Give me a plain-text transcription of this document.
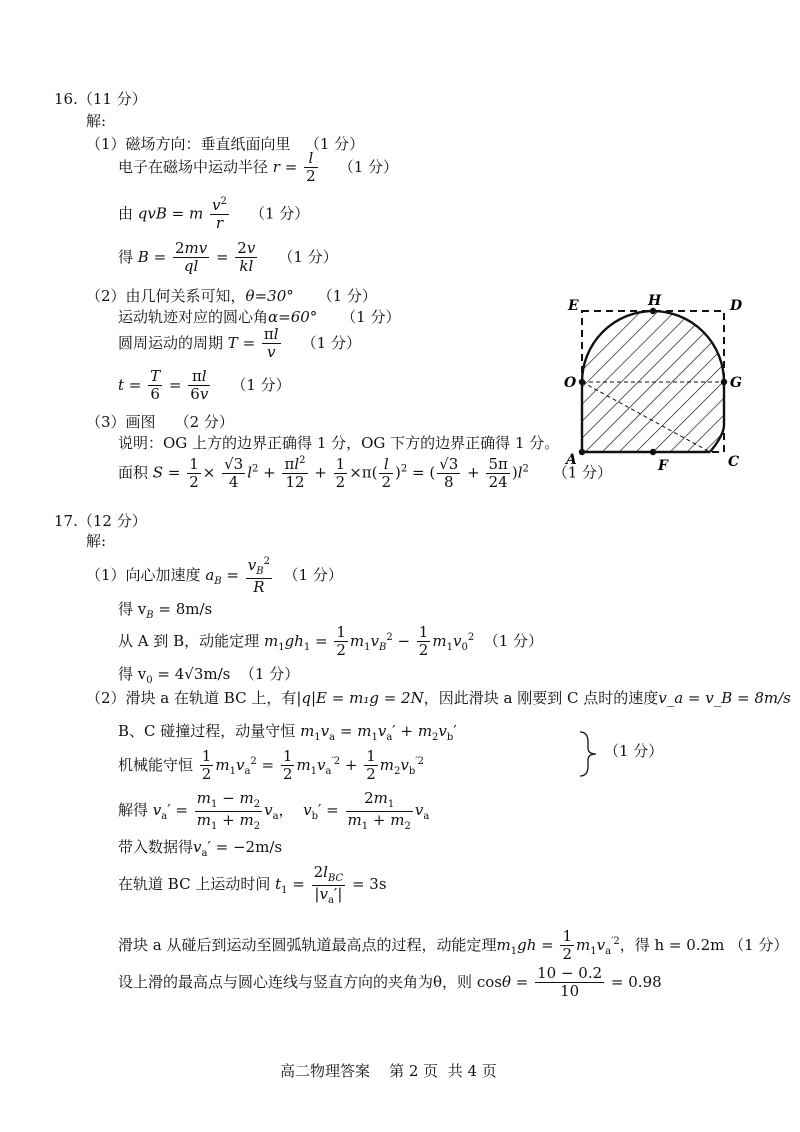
16.（11 分）
解:
（1）磁场方向：垂直纸面向里 （1 分）
电子在磁场中运动半径 $r = \frac{l}{2} (1$ 分）
由 qvB = m $\frac{v^2}{r} (1$ 分）
得 $B = \frac{2mv}{ql} = \frac{2v}{kl} (1$ 分）
（2）由几何关系可知，θ=30° （1 分）
运动轨迹对应的圆心角α=60° （1 分）
圆周运动的周期 $T = \frac{\pi l}{v} (1$ 分）
$t = \frac{T}{6} = \frac{\pi l}{6v} (1$ 分）
（3）画图 （2 分）
说明：OG 上方的边界正确得 1 分，OG 下方的边界正确得 1 分。
面积 $S = \frac{1}{2} \times \frac{√3}{4} l^2 + \frac{\pi l^2}{12} + \frac{1}{2} \times\pi( \frac{l}{2} )^2$ = ( $\frac{√3}{8} + \frac{5\pi}{24} )l^2$ （1 分）
E	H	D
O	G
A	F	C
17.（12 分）
解:
（1）向心加速度 $a_B = \frac{v_B^2}{R} (1$ 分）
得 $v_B = 8m/s$
从 A 到 B，动能定理 $m_1gh_1 = \frac{1}{2} m_1v_B^2 - \frac{1}{2} m_1v_0^2$ （1 分）
得 $v_0 = 4√3m/s$ （1 分）
（2）滑块 a 在轨道 BC 上，有|q|E = m₁g = 2N，因此滑块 a 刚要到 C 点时的速度v_a = v_B = 8m/s
B、C 碰撞过程，动量守恒 $m_1v_a = m_1v_a' + m_2v_b'$
机械能守恒 $\frac{1}{2} m_1v_a^2 = \frac{1}{2} m_1v_a^{'2} + \frac{1}{2} m_2v_b^{'2}$
（1 分）
解得 $v_a' = \frac{m_1 - m_2}{m_1 + m_2} v_a$，  $v_b' = \frac{2m_1}{m_1 + m_2} v_a$
带入数据得$v_a' = -2m/s$
在轨道 BC 上运动时间 $t_1 = \frac{2l_{BC}}{|v_a'|} = 3s$
滑块 a 从碰后到运动至圆弧轨道最高点的过程，动能定理$m_1gh = \frac{1}{2} m_1v_a^{'2}$，得 h = 0.2m （1 分）
设上滑的最高点与圆心连线与竖直方向的夹角为θ，则 $\cos\theta = \frac{10 - 0.2}{10} = 0.98$
高二物理答案    第 2 页  共 4 页
